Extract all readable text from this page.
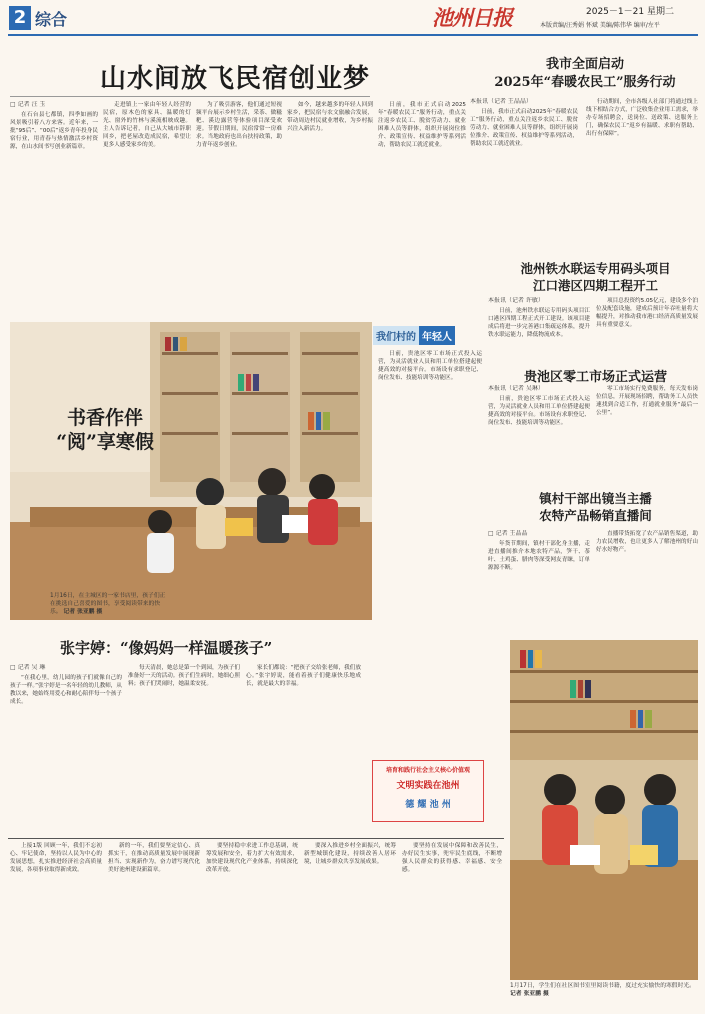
2 综合	池州日报	2025－1－21 星期二
本版责编/汪秀娟 怀斌 美编/陈伟华 编审/左平
山水间放飞民宿创业梦
□ 记者 汪 玉

在石台县七都镇，四季如画的风景吸引着八方来客。近年来，一批“95后”、“00后”返乡青年投身民宿行业，用青春与热情激活乡村资源，在山水间书写创业新篇章。

走进镇上一家由年轻人经营的民宿，原木色的家具、温暖的灯光、窗外的竹林与溪流相映成趣。主人告诉记者，自己从大城市辞职回乡，把老屋改造成民宿，希望让更多人感受家乡的美。

为了吸引游客，他们通过短视频平台展示乡村生活，采茶、做糍粑、溪边露营等体验项目深受欢迎。节假日期间，民宿常常一房难求。当地政府也出台扶持政策，助力青年返乡创业。

如今，越来越多的年轻人回到家乡，把民宿与农文旅融合发展，带动周边村民就业增收，为乡村振兴注入新活力。

我们村的 年轻人
书香作伴
“阅”享寒假
1月16日，在主城区的一家书店里，孩子们正在挑选自己喜爱的图书，享受阅读带来的快乐。 记者 张亚鹏 摄
张宇婷：“像妈妈一样温暖孩子”
□ 记者 吴 琳

“在我心里，幼儿园的孩子们就像自己的孩子一样。”张宇婷是一名年轻的幼儿教师，从教以来，她始终用爱心和耐心陪伴每一个孩子成长。

每天清晨，她总是第一个到园，为孩子们准备好一天的活动。孩子们生病时，她细心照料；孩子们哭闹时，她温柔安抚。

家长们都说：“把孩子交给张老师，我们放心。”张宇婷说，能看着孩子们健康快乐地成长，就是最大的幸福。

日前，我市正式启动2025年“春暖农民工”服务行动，重点关注返乡农民工、脱贫劳动力、就业困难人员等群体，组织开展岗位推介、政策宣传、权益维护等系列活动，帮助农民工就近就业。

我市全面启动
2025年“春暖农民工”服务行动
本报讯（记者 王晶晶）

日前，我市正式启动2025年“春暖农民工”服务行动，重点关注返乡农民工、脱贫劳动力、就业困难人员等群体，组织开展岗位推介、政策宣传、权益维护等系列活动，帮助农民工就近就业。

行动期间，全市各级人社部门将通过线上线下相结合方式，广泛收集企业用工需求，举办专场招聘会，送岗位、送政策、送服务上门，确保农民工“返乡有温暖、求职有帮助、出行有保障”。

池州铁水联运专用码头项目
江口港区四期工程开工
本报讯（记者 许敏）

日前，池州铁水联运专用码头项目江口港区四期工程正式开工建设。该项目建成后将进一步完善港口集疏运体系，提升铁水联运能力，降低物流成本。

项目总投资约5.05亿元，建设多个泊位及配套设施，建成后预计年吞吐量将大幅提升，对推动我市港口经济高质量发展具有重要意义。

贵池区零工市场正式运营
本报讯（记者 吴琳）

日前，贵池区零工市场正式投入运营，为灵活就业人员和用工单位搭建起便捷高效的对接平台。市场设有求职登记、岗位发布、技能培训等功能区。

零工市场实行免费服务，每天发布岗位信息，开展现场招聘，帮助务工人员快速找到合适工作，打通就业服务“最后一公里”。

镇村干部出镜当主播
农特产品畅销直播间
□ 记者 王晶晶

年货节期间，镇村干部化身主播，走进直播间推介本地农特产品，笋干、茶叶、土鸡蛋、腊肉等深受网友青睐，订单源源不断。

直播带货拓宽了农产品销售渠道，助力农民增收，也让更多人了解池州的好山好水好物产。

日前，贵池区零工市场正式投入运营，为灵活就业人员和用工单位搭建起便捷高效的对接平台。市场设有求职登记、岗位发布、技能培训等功能区。

培育和践行社会主义核心价值观
文明实践在池州
德 耀 池 州
1月17日，学生们在社区图书室里阅读书籍，度过充实愉快的寒假时光。 记者 张亚鹏 摄

上接1版 回顾一年，我们不忘初心、牢记使命，坚持以人民为中心的发展思想，扎实推进经济社会高质量发展，各项事业取得新成效。

新的一年，我们要坚定信心、真抓实干，在推动高质量发展中展现新担当、实现新作为，奋力谱写现代化美好池州建设新篇章。

要坚持稳中求进工作总基调，统筹发展和安全，着力扩大有效需求，加快建设现代化产业体系，持续深化改革开放。

要深入推进乡村全面振兴，统筹新型城镇化建设，持续改善人居环境，让城乡群众共享发展成果。

要坚持在发展中保障和改善民生，办好民生实事，兜牢民生底线，不断增强人民群众的获得感、幸福感、安全感。
